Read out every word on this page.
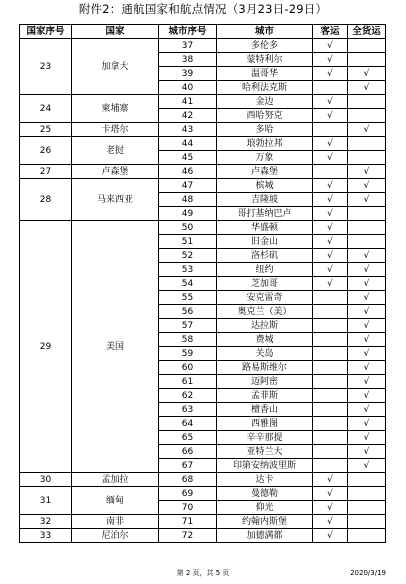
附件2：通航国家和航点情况（3月23日-29日）
国家序号	国家	城市序号	城市	客运	全货运
23	加拿大	37	多伦多	√	
		38	蒙特利尔	√	
		39	温哥华	√	√
		40	哈利法克斯		√
24	柬埔寨	41	金边	√	
		42	西哈努克	√	
25	卡塔尔	43	多哈		√
26	老挝	44	琅勃拉邦	√	
		45	万象	√	
27	卢森堡	46	卢森堡		√
28	马来西亚	47	槟城	√	√
		48	吉隆坡	√	√
		49	哥打基纳巴卢	√	
29	美国	50	华盛顿	√	
		51	旧金山	√	
		52	洛杉矶	√	√
		53	纽约	√	√
		54	芝加哥	√	√
		55	安克雷奇		√
		56	奥克兰（美）		√
		57	达拉斯		√
		58	费城		√
		59	关岛		√
		60	路易斯维尔		√
		61	迈阿密		√
		62	孟菲斯		√
		63	檀香山		√
		64	西雅图		√
		65	辛辛那提		√
		66	亚特兰大		√
		67	印第安纳波里斯		√
30	孟加拉	68	达卡	√	
31	缅甸	69	曼德勒	√	
		70	仰光	√	
32	南非	71	约翰内斯堡	√	
33	尼泊尔	72	加德满都	√	
第 2 页，共 5 页	2020/3/19
